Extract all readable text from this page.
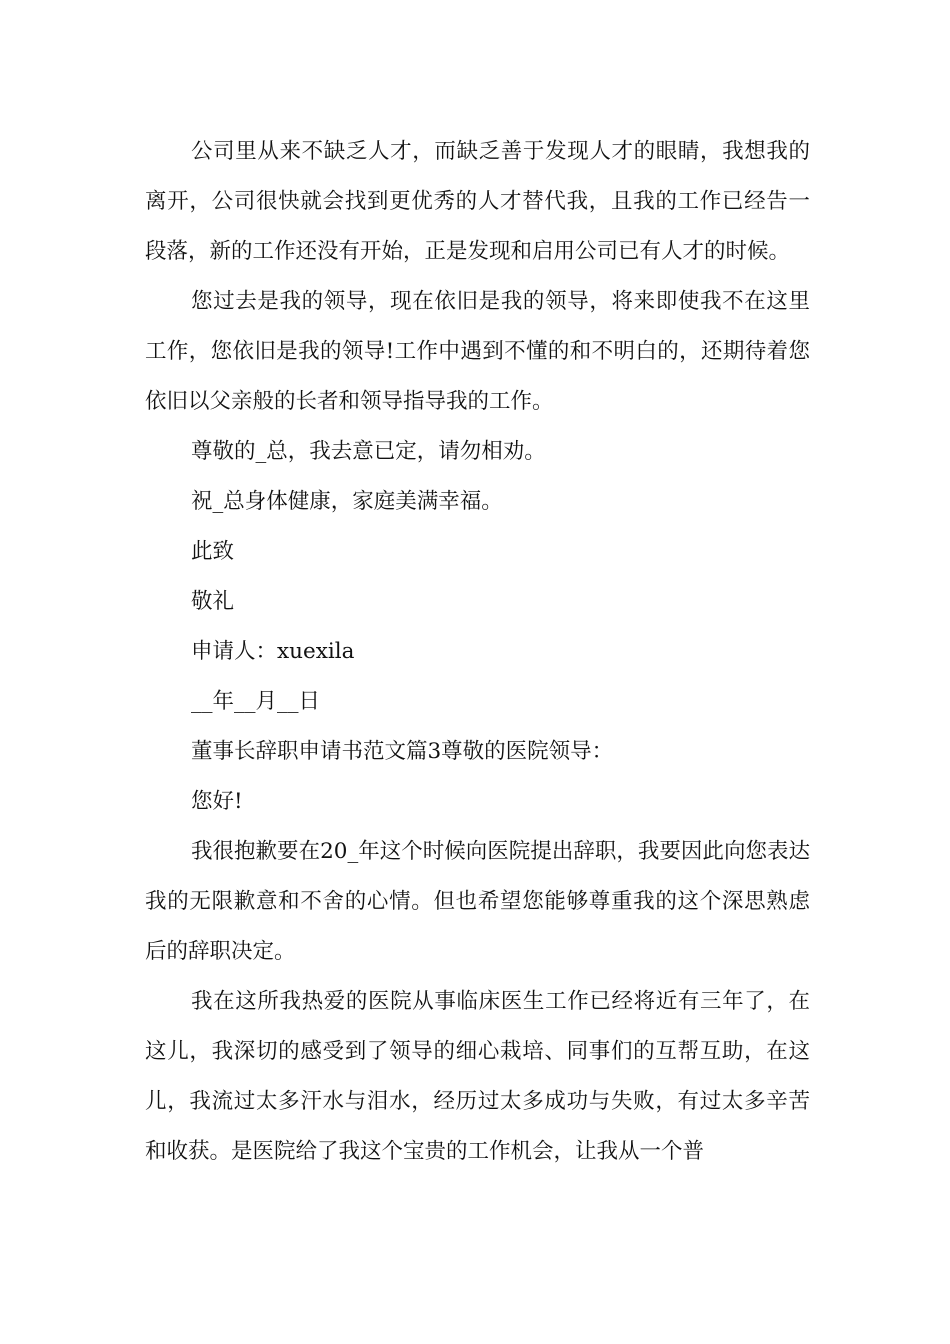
公司里从来不缺乏人才，而缺乏善于发现人才的眼睛，我想我的离开，公司很快就会找到更优秀的人才替代我，且我的工作已经告一段落，新的工作还没有开始，正是发现和启用公司已有人才的时候。

您过去是我的领导，现在依旧是我的领导，将来即使我不在这里工作，您依旧是我的领导!工作中遇到不懂的和不明白的，还期待着您依旧以父亲般的长者和领导指导我的工作。

尊敬的_总，我去意已定，请勿相劝。

祝_总身体健康，家庭美满幸福。

此致

敬礼

申请人：xuexila

__年__月__日

董事长辞职申请书范文篇3尊敬的医院领导：

您好!

我很抱歉要在20_年这个时候向医院提出辞职，我要因此向您表达我的无限歉意和不舍的心情。但也希望您能够尊重我的这个深思熟虑后的辞职决定。

我在这所我热爱的医院从事临床医生工作已经将近有三年了，在这儿，我深切的感受到了领导的细心栽培、同事们的互帮互助，在这儿，我流过太多汗水与泪水，经历过太多成功与失败，有过太多辛苦和收获。是医院给了我这个宝贵的工作机会，让我从一个普
